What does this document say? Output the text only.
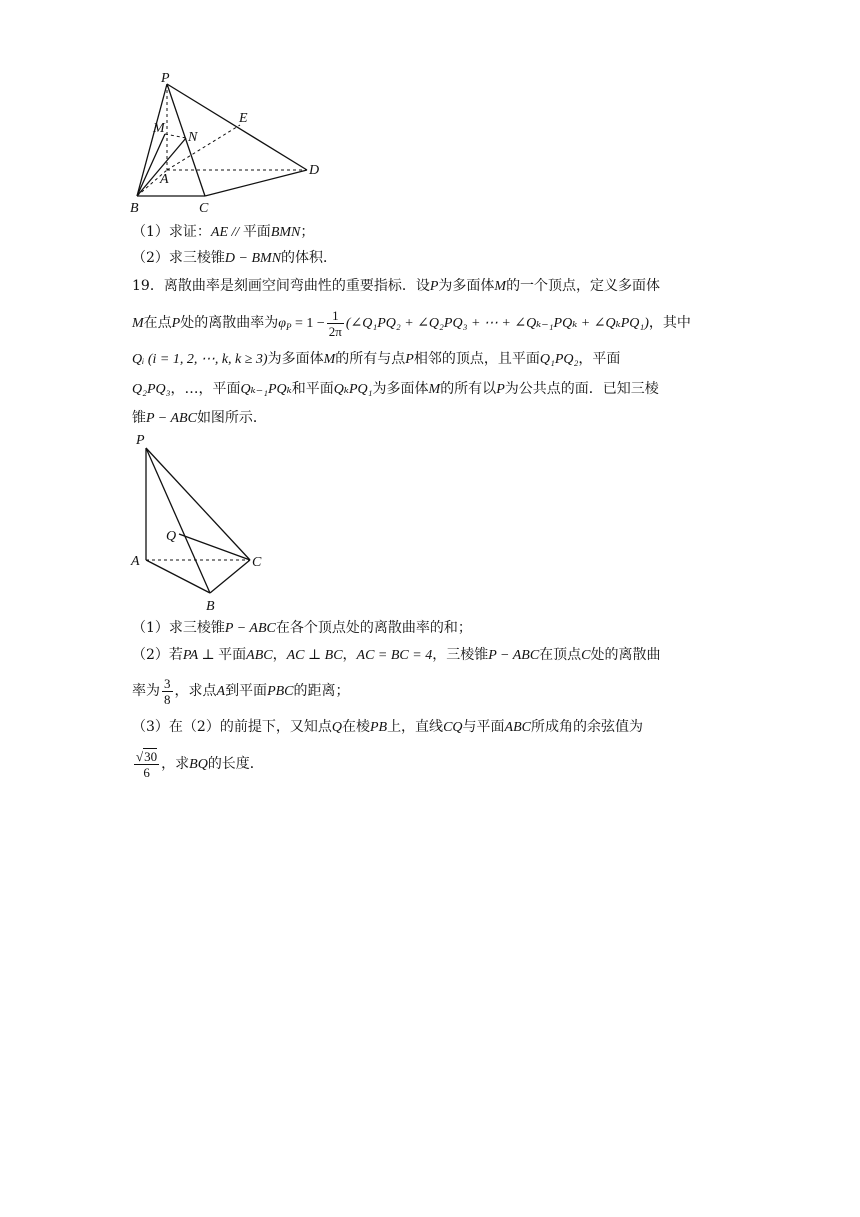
P
M
N
E
A
D
B	C
（1）求证：AE // 平面BMN；
（2）求三棱锥D − BMN的体积．
19．离散曲率是刻画空间弯曲性的重要指标．设P为多面体M的一个顶点，定义多面体
M在点P处的离散曲率为$\varphi_P = 1 - \frac{1}{2\pi}$ (∠Q₁PQ₂ + ∠Q₂PQ₃ + ⋯ + ∠Qₖ₋₁PQₖ + ∠QₖPQ₁)，其中
Qᵢ (i = 1, 2, ⋯, k, k ≥ 3)为多面体M的所有与点P相邻的顶点，且平面Q₁PQ₂，平面
Q₂PQ₃，…，平面Qₖ₋₁PQₖ和平面QₖPQ₁为多面体M的所有以P为公共点的面．已知三棱
锥P − ABC如图所示．
P
Q
A	C
B
（1）求三棱锥P − ABC在各个顶点处的离散曲率的和；
（2）若PA ⊥ 平面ABC，AC ⊥ BC，AC = BC = 4，三棱锥P − ABC在顶点C处的离散曲
率为 $\frac{3}{8}$ ，求点A到平面PBC的距离；
（3）在（2）的前提下，又知点Q在棱PB上，直线CQ与平面ABC所成角的余弦值为
$\frac{√30}{6}$ ，求BQ的长度．
